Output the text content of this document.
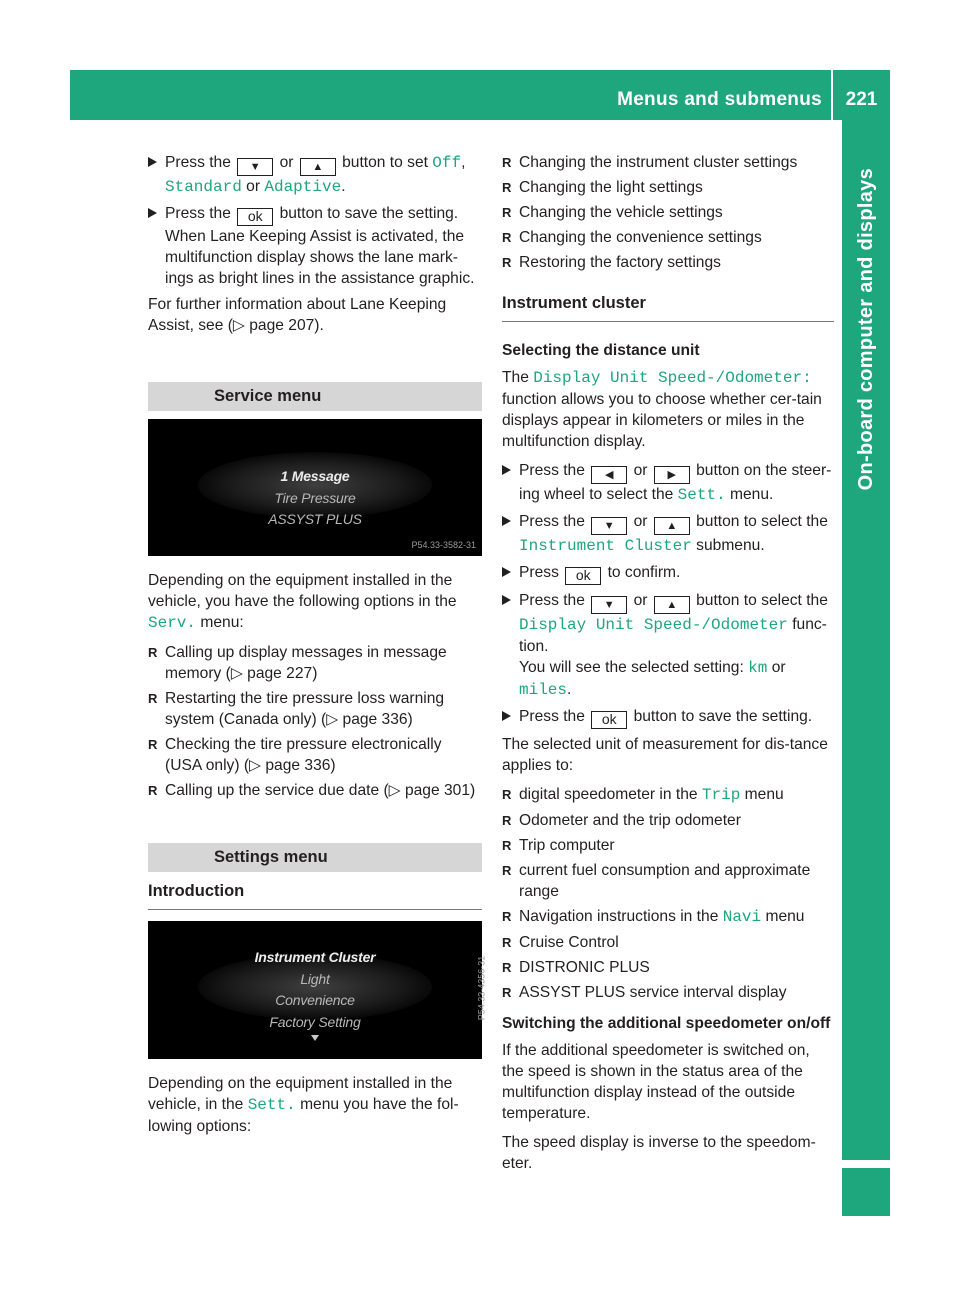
Menus and submenus	221
On-board computer and displays
Press the ▼ or ▲ button to set Off, Standard or Adaptive.
Press the ok button to save the setting. When Lane Keeping Assist is activated, the multifunction display shows the lane mark-ings as bright lines in the assistance graphic.

For further information about Lane Keeping Assist, see (▷ page 207).

Service menu
1 Message
Tire Pressure
ASSYST PLUS
P54.33-3582-31

Depending on the equipment installed in the vehicle, you have the following options in the Serv. menu:

R Calling up display messages in message memory (▷ page 227)
R Restarting the tire pressure loss warning system (Canada only) (▷ page 336)
R Checking the tire pressure electronically (USA only) (▷ page 336)
R Calling up the service due date (▷ page 301)
Settings menu
Introduction
Instrument Cluster
Light
Convenience
Factory Setting
P54.33-4356-31

Depending on the equipment installed in the vehicle, in the Sett. menu you have the fol-lowing options:

R Changing the instrument cluster settings
R Changing the light settings
R Changing the vehicle settings
R Changing the convenience settings
R Restoring the factory settings
Instrument cluster
Selecting the distance unit

The Display Unit Speed-/Odometer: function allows you to choose whether cer-tain displays appear in kilometers or miles in the multifunction display.

Press the ◀ or ▶ button on the steer-ing wheel to select the Sett. menu.
Press the ▼ or ▲ button to select the Instrument Cluster submenu.
Press ok to confirm.
Press the ▼ or ▲ button to select the Display Unit Speed-/Odometer func-tion.
You will see the selected setting: km or miles.
Press the ok button to save the setting.

The selected unit of measurement for dis-tance applies to:

R digital speedometer in the Trip menu
R Odometer and the trip odometer
R Trip computer
R current fuel consumption and approximate range
R Navigation instructions in the Navi menu
R Cruise Control
R DISTRONIC PLUS
R ASSYST PLUS service interval display
Switching the additional speedometer on/off

If the additional speedometer is switched on, the speed is shown in the status area of the multifunction display instead of the outside temperature.

The speed display is inverse to the speedom-eter.
